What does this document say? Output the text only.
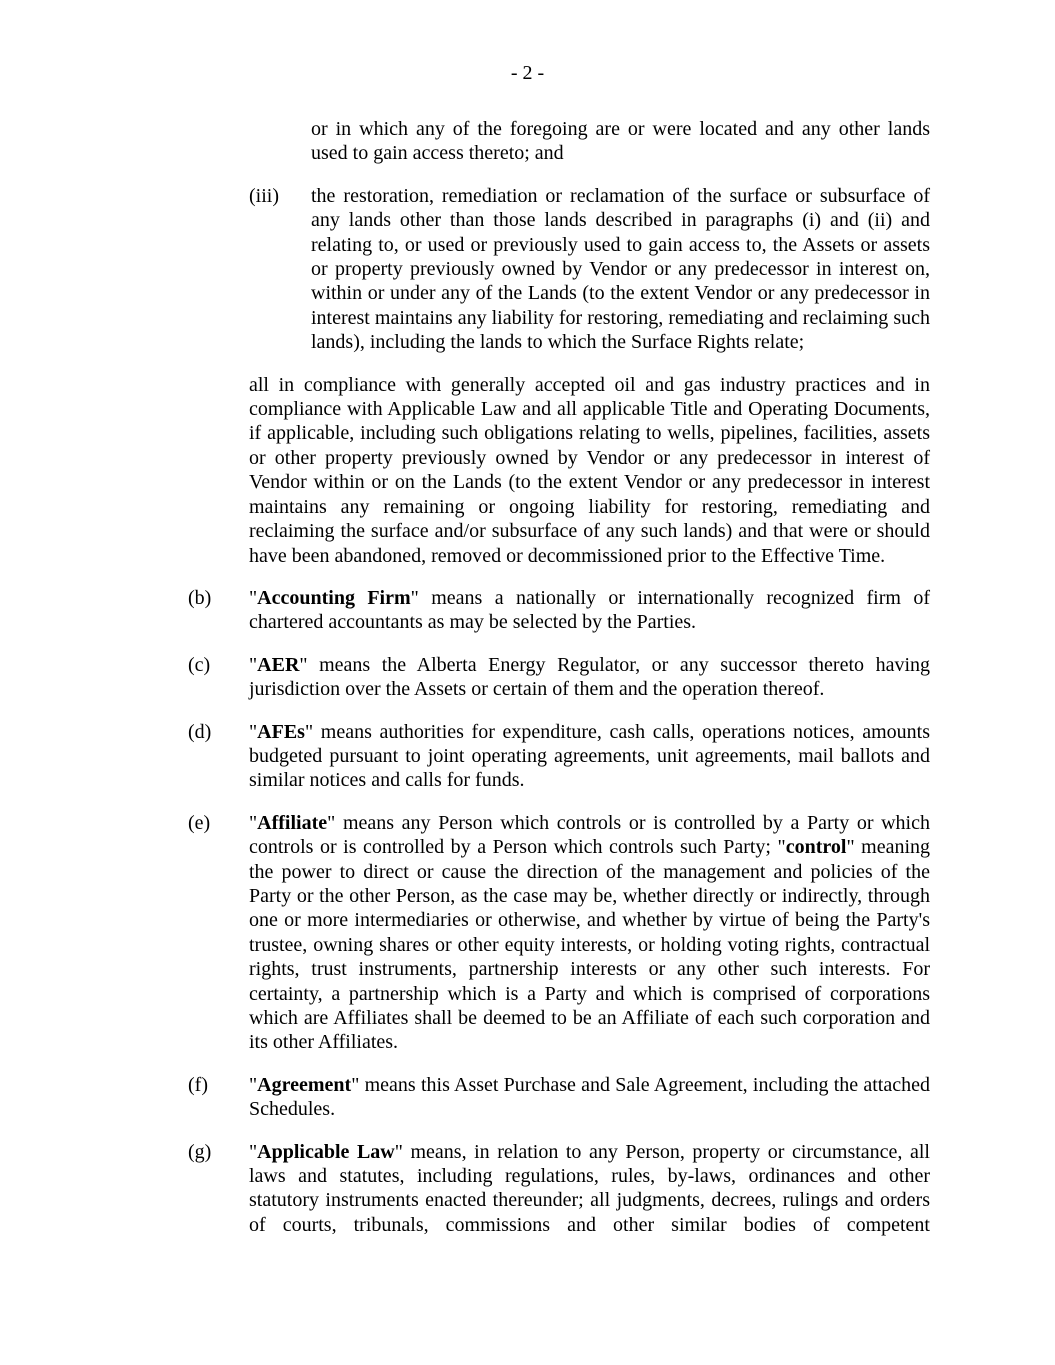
- 2 -
or in which any of the foregoing are or were located and any other lands used to gain access thereto; and
(iii)	the restoration, remediation or reclamation of the surface or subsurface of any lands other than those lands described in paragraphs (i) and (ii) and relating to, or used or previously used to gain access to, the Assets or assets or property previously owned by Vendor or any predecessor in interest on, within or under any of the Lands (to the extent Vendor or any predecessor in interest maintains any liability for restoring, remediating and reclaiming such lands), including the lands to which the Surface Rights relate;
all in compliance with generally accepted oil and gas industry practices and in compliance with Applicable Law and all applicable Title and Operating Documents, if applicable, including such obligations relating to wells, pipelines, facilities, assets or other property previously owned by Vendor or any predecessor in interest of Vendor within or on the Lands (to the extent Vendor or any predecessor in interest maintains any remaining or ongoing liability for restoring, remediating and reclaiming the surface and/or subsurface of any such lands) and that were or should have been abandoned, removed or decommissioned prior to the Effective Time.
(b)	"Accounting Firm" means a nationally or internationally recognized firm of chartered accountants as may be selected by the Parties.
(c)	"AER" means the Alberta Energy Regulator, or any successor thereto having jurisdiction over the Assets or certain of them and the operation thereof.
(d)	"AFEs" means authorities for expenditure, cash calls, operations notices, amounts budgeted pursuant to joint operating agreements, unit agreements, mail ballots and similar notices and calls for funds.
(e)	"Affiliate" means any Person which controls or is controlled by a Party or which controls or is controlled by a Person which controls such Party; "control" meaning the power to direct or cause the direction of the management and policies of the Party or the other Person, as the case may be, whether directly or indirectly, through one or more intermediaries or otherwise, and whether by virtue of being the Party's trustee, owning shares or other equity interests, or holding voting rights, contractual rights, trust instruments, partnership interests or any other such interests. For certainty, a partnership which is a Party and which is comprised of corporations which are Affiliates shall be deemed to be an Affiliate of each such corporation and its other Affiliates.
(f)	"Agreement" means this Asset Purchase and Sale Agreement, including the attached Schedules.
(g)	"Applicable Law" means, in relation to any Person, property or circumstance, all laws and statutes, including regulations, rules, by-laws, ordinances and other statutory instruments enacted thereunder; all judgments, decrees, rulings and orders of courts, tribunals, commissions and other similar bodies of competent
